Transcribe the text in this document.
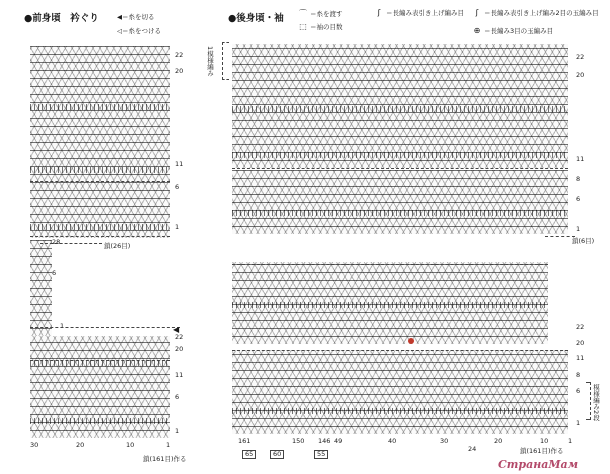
●前身頃　衿ぐり	◀＝糸を切る
◁＝糸をつける
22
20
11
6
1
28	鎖(26目)
6
1	◀
22
20
11
6
1
30	20	10	1
鎖(161目)作る
●後身頃・袖	⌒ ＝糸を渡す
⬚ ＝袖の目数
ʃ ＝長編み表引き上げ編み目	ʃ ＝長編み表引き上げ編み2目の玉編み目
⊕ ＝長編み3目の玉編み目
1模様編み
鎖(6目)
22
20
11
8
6
1
22
20
11
8
6
1
模様編み2段
161	150 146 49	40	30	20	10	1
24
65	60	55	鎖(161目)作る
СтранаМам
